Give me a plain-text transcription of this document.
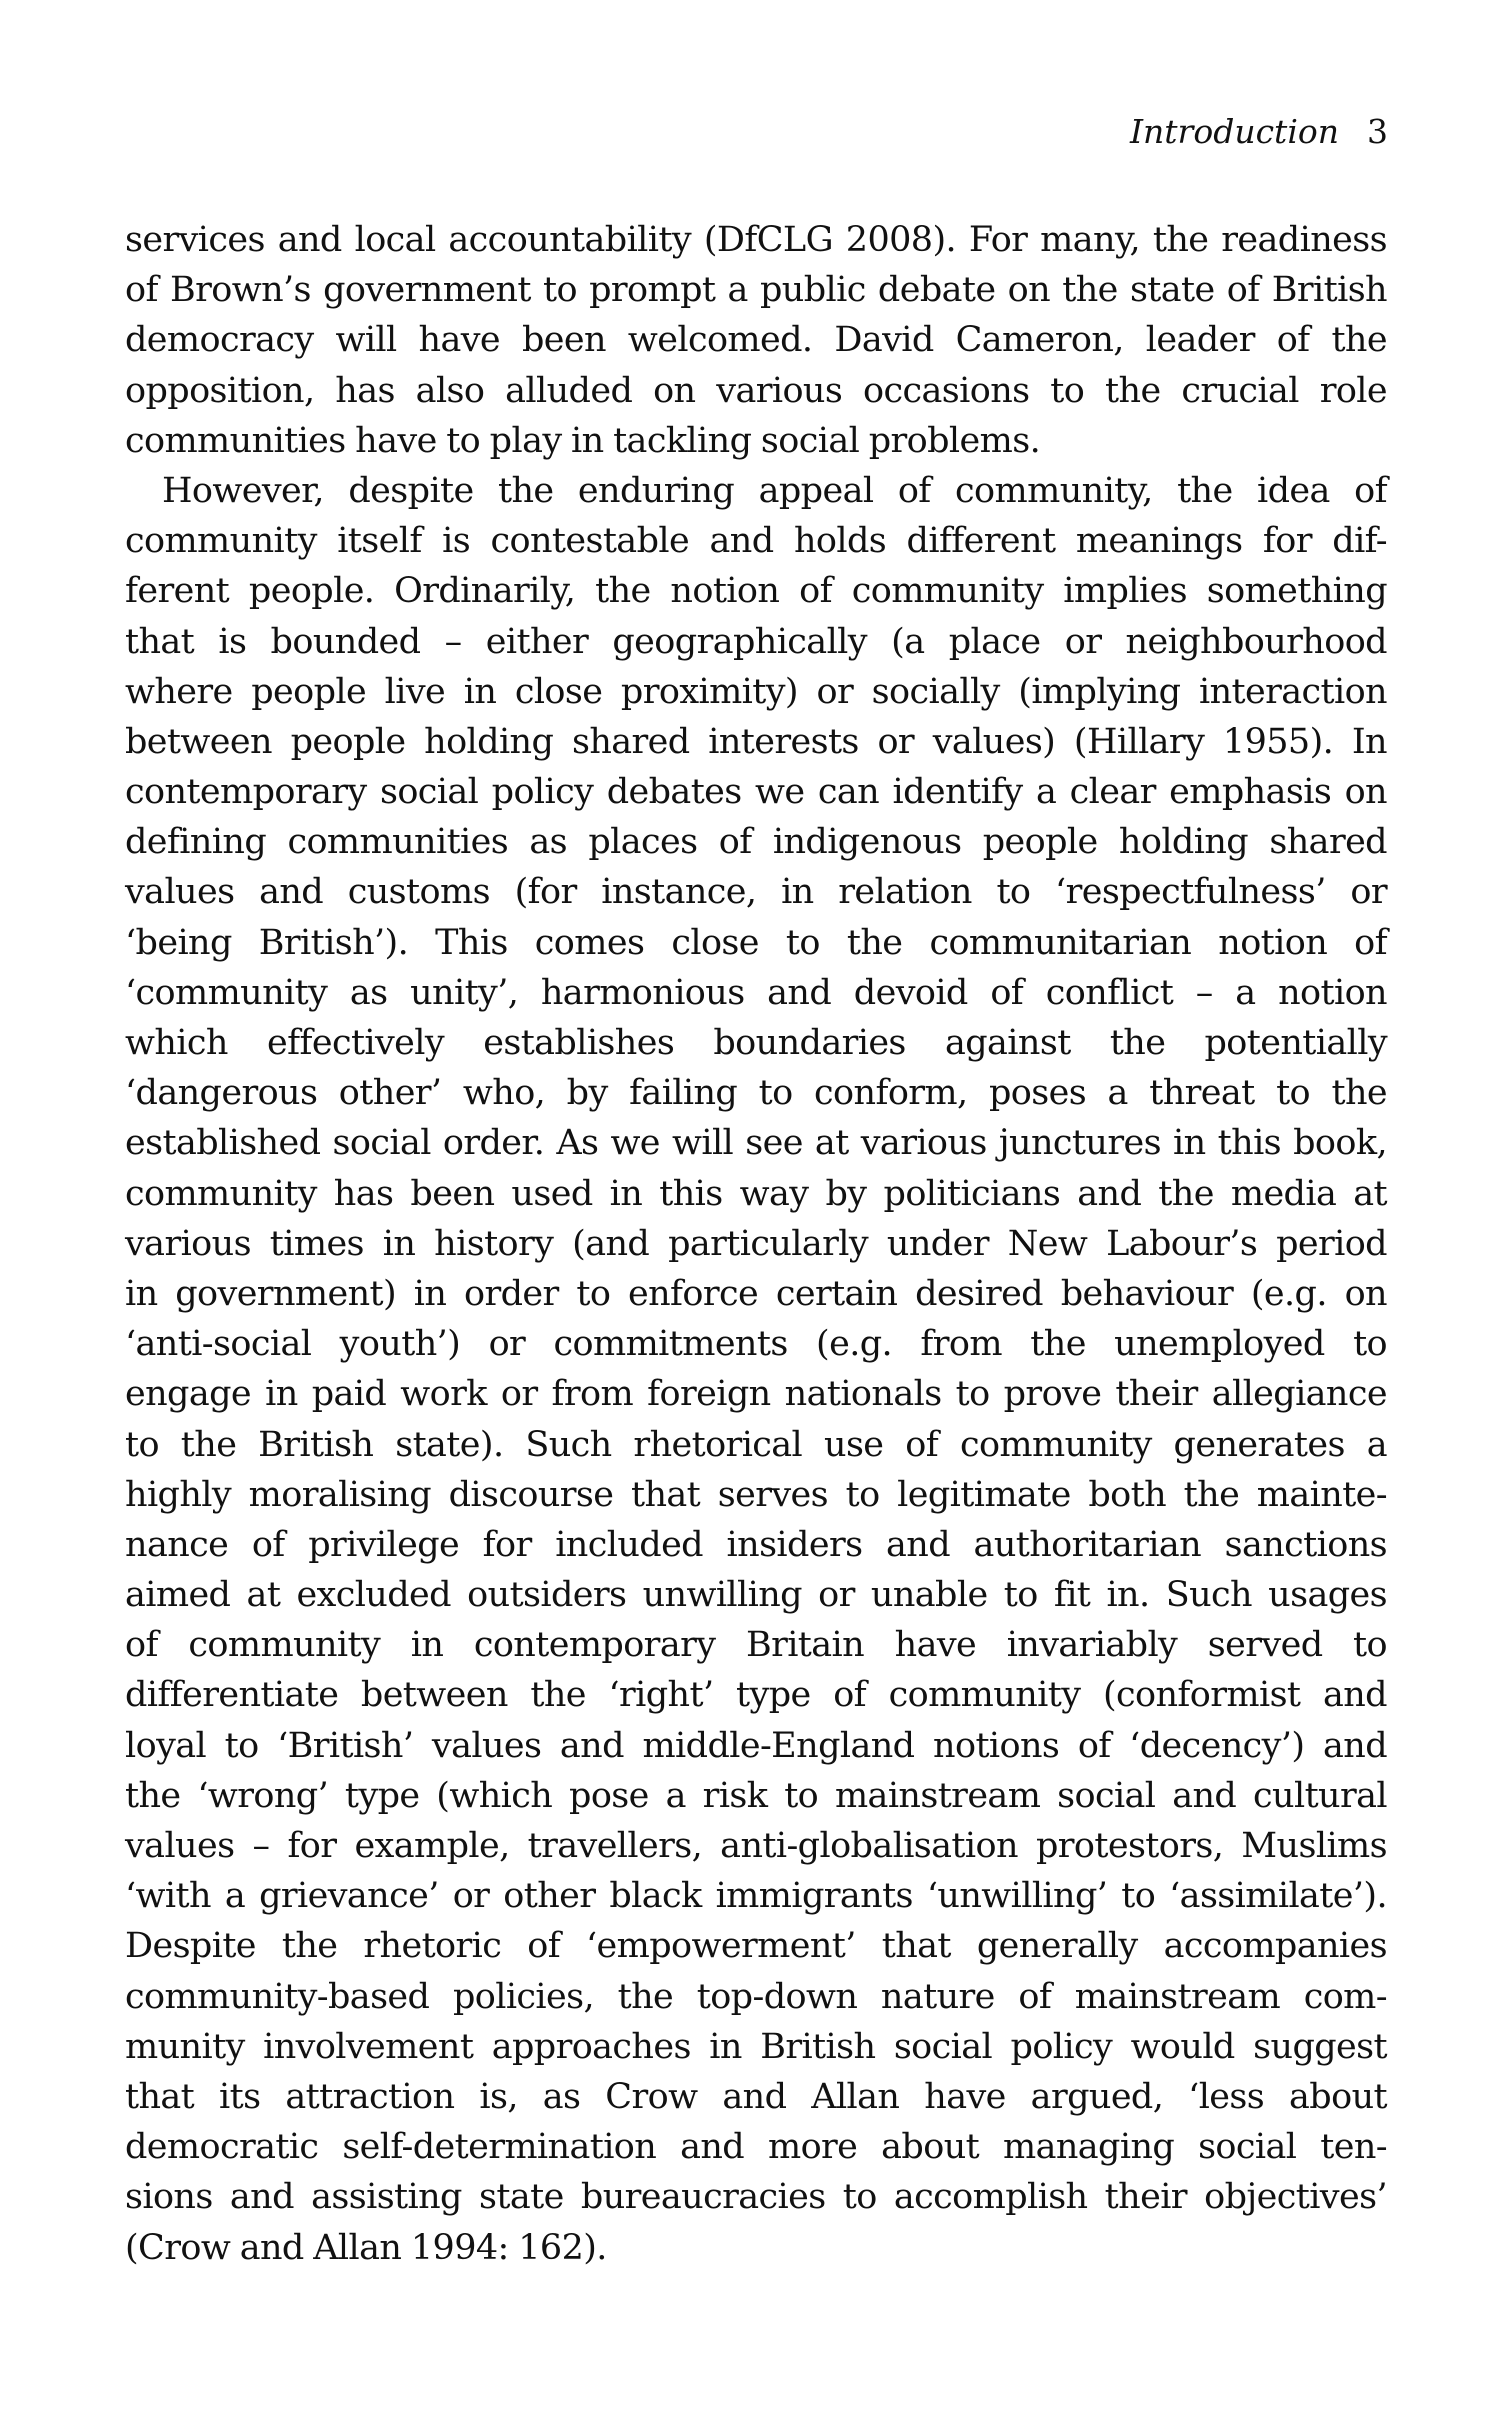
Introduction 3
services and local accountability (DfCLG 2008). For many, the readiness
of Brown’s government to prompt a public debate on the state of British
democracy will have been welcomed. David Cameron, leader of the
opposition, has also alluded on various occasions to the crucial role
communities have to play in tackling social problems.
However, despite the enduring appeal of community, the idea of
community itself is contestable and holds different meanings for dif-
ferent people. Ordinarily, the notion of community implies something
that is bounded – either geographically (a place or neighbourhood
where people live in close proximity) or socially (implying interaction
between people holding shared interests or values) (Hillary 1955). In
contemporary social policy debates we can identify a clear emphasis on
defining communities as places of indigenous people holding shared
values and customs (for instance, in relation to ‘respectfulness’ or
‘being British’). This comes close to the communitarian notion of
‘community as unity’, harmonious and devoid of conflict – a notion
which effectively establishes boundaries against the potentially
‘dangerous other’ who, by failing to conform, poses a threat to the
established social order. As we will see at various junctures in this book,
community has been used in this way by politicians and the media at
various times in history (and particularly under New Labour’s period
in government) in order to enforce certain desired behaviour (e.g. on
‘anti-social youth’) or commitments (e.g. from the unemployed to
engage in paid work or from foreign nationals to prove their allegiance
to the British state). Such rhetorical use of community generates a
highly moralising discourse that serves to legitimate both the mainte-
nance of privilege for included insiders and authoritarian sanctions
aimed at excluded outsiders unwilling or unable to fit in. Such usages
of community in contemporary Britain have invariably served to
differentiate between the ‘right’ type of community (conformist and
loyal to ‘British’ values and middle-England notions of ‘decency’) and
the ‘wrong’ type (which pose a risk to mainstream social and cultural
values – for example, travellers, anti-globalisation protestors, Muslims
‘with a grievance’ or other black immigrants ‘unwilling’ to ‘assimilate’).
Despite the rhetoric of ‘empowerment’ that generally accompanies
community-based policies, the top-down nature of mainstream com-
munity involvement approaches in British social policy would suggest
that its attraction is, as Crow and Allan have argued, ‘less about
democratic self-determination and more about managing social ten-
sions and assisting state bureaucracies to accomplish their objectives’
(Crow and Allan 1994: 162).
